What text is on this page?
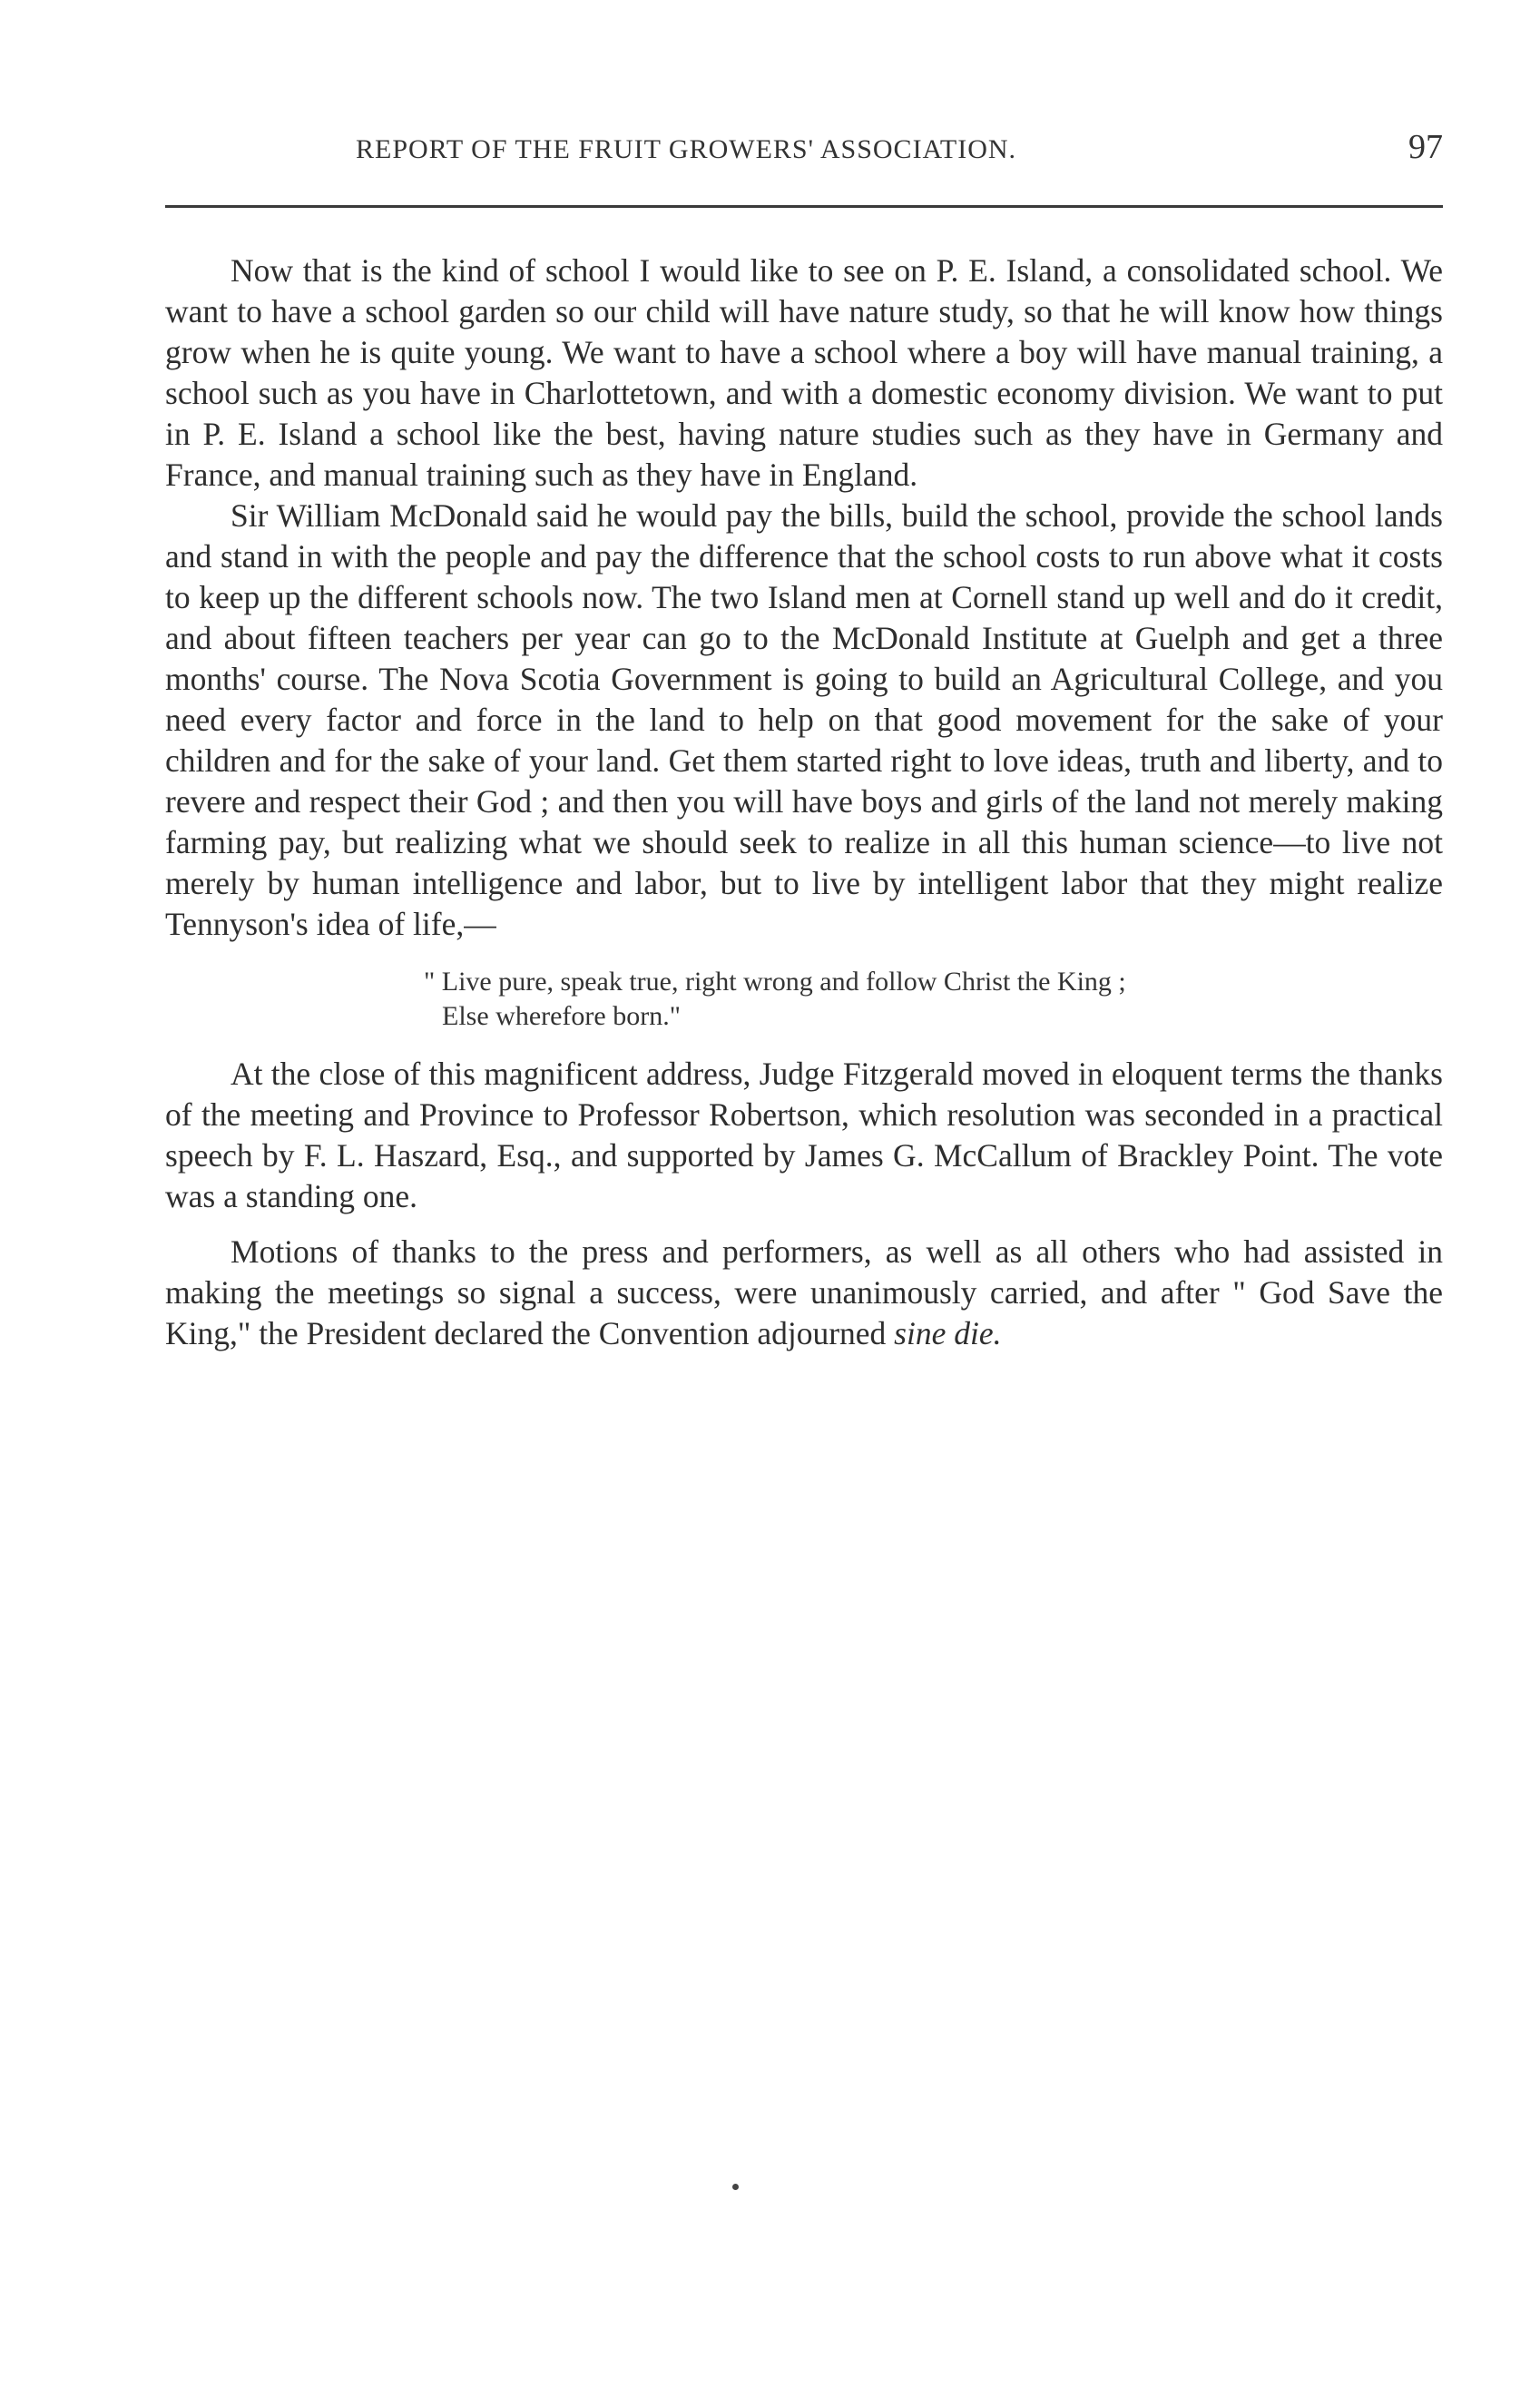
REPORT OF THE FRUIT GROWERS' ASSOCIATION.	97

Now that is the kind of school I would like to see on P. E. Island, a consolidated school. We want to have a school garden so our child will have nature study, so that he will know how things grow when he is quite young. We want to have a school where a boy will have manual training, a school such as you have in Charlottetown, and with a domestic economy division. We want to put in P. E. Island a school like the best, having nature studies such as they have in Germany and France, and manual training such as they have in England.

Sir William McDonald said he would pay the bills, build the school, provide the school lands and stand in with the people and pay the difference that the school costs to run above what it costs to keep up the different schools now. The two Island men at Cornell stand up well and do it credit, and about fifteen teachers per year can go to the McDonald Institute at Guelph and get a three months' course. The Nova Scotia Government is going to build an Agricultural College, and you need every factor and force in the land to help on that good movement for the sake of your children and for the sake of your land. Get them started right to love ideas, truth and liberty, and to revere and respect their God ; and then you will have boys and girls of the land not merely making farming pay, but realizing what we should seek to realize in all this human science—to live not merely by human intelligence and labor, but to live by intelligent labor that they might realize Tennyson's idea of life,—

" Live pure, speak true, right wrong and follow Christ the King ;
Else wherefore born."

At the close of this magnificent address, Judge Fitzgerald moved in eloquent terms the thanks of the meeting and Province to Professor Robertson, which resolution was seconded in a practical speech by F. L. Haszard, Esq., and supported by James G. McCallum of Brackley Point. The vote was a standing one.

Motions of thanks to the press and performers, as well as all others who had assisted in making the meetings so signal a success, were unanimously carried, and after " God Save the King," the President declared the Convention adjourned sine die.
